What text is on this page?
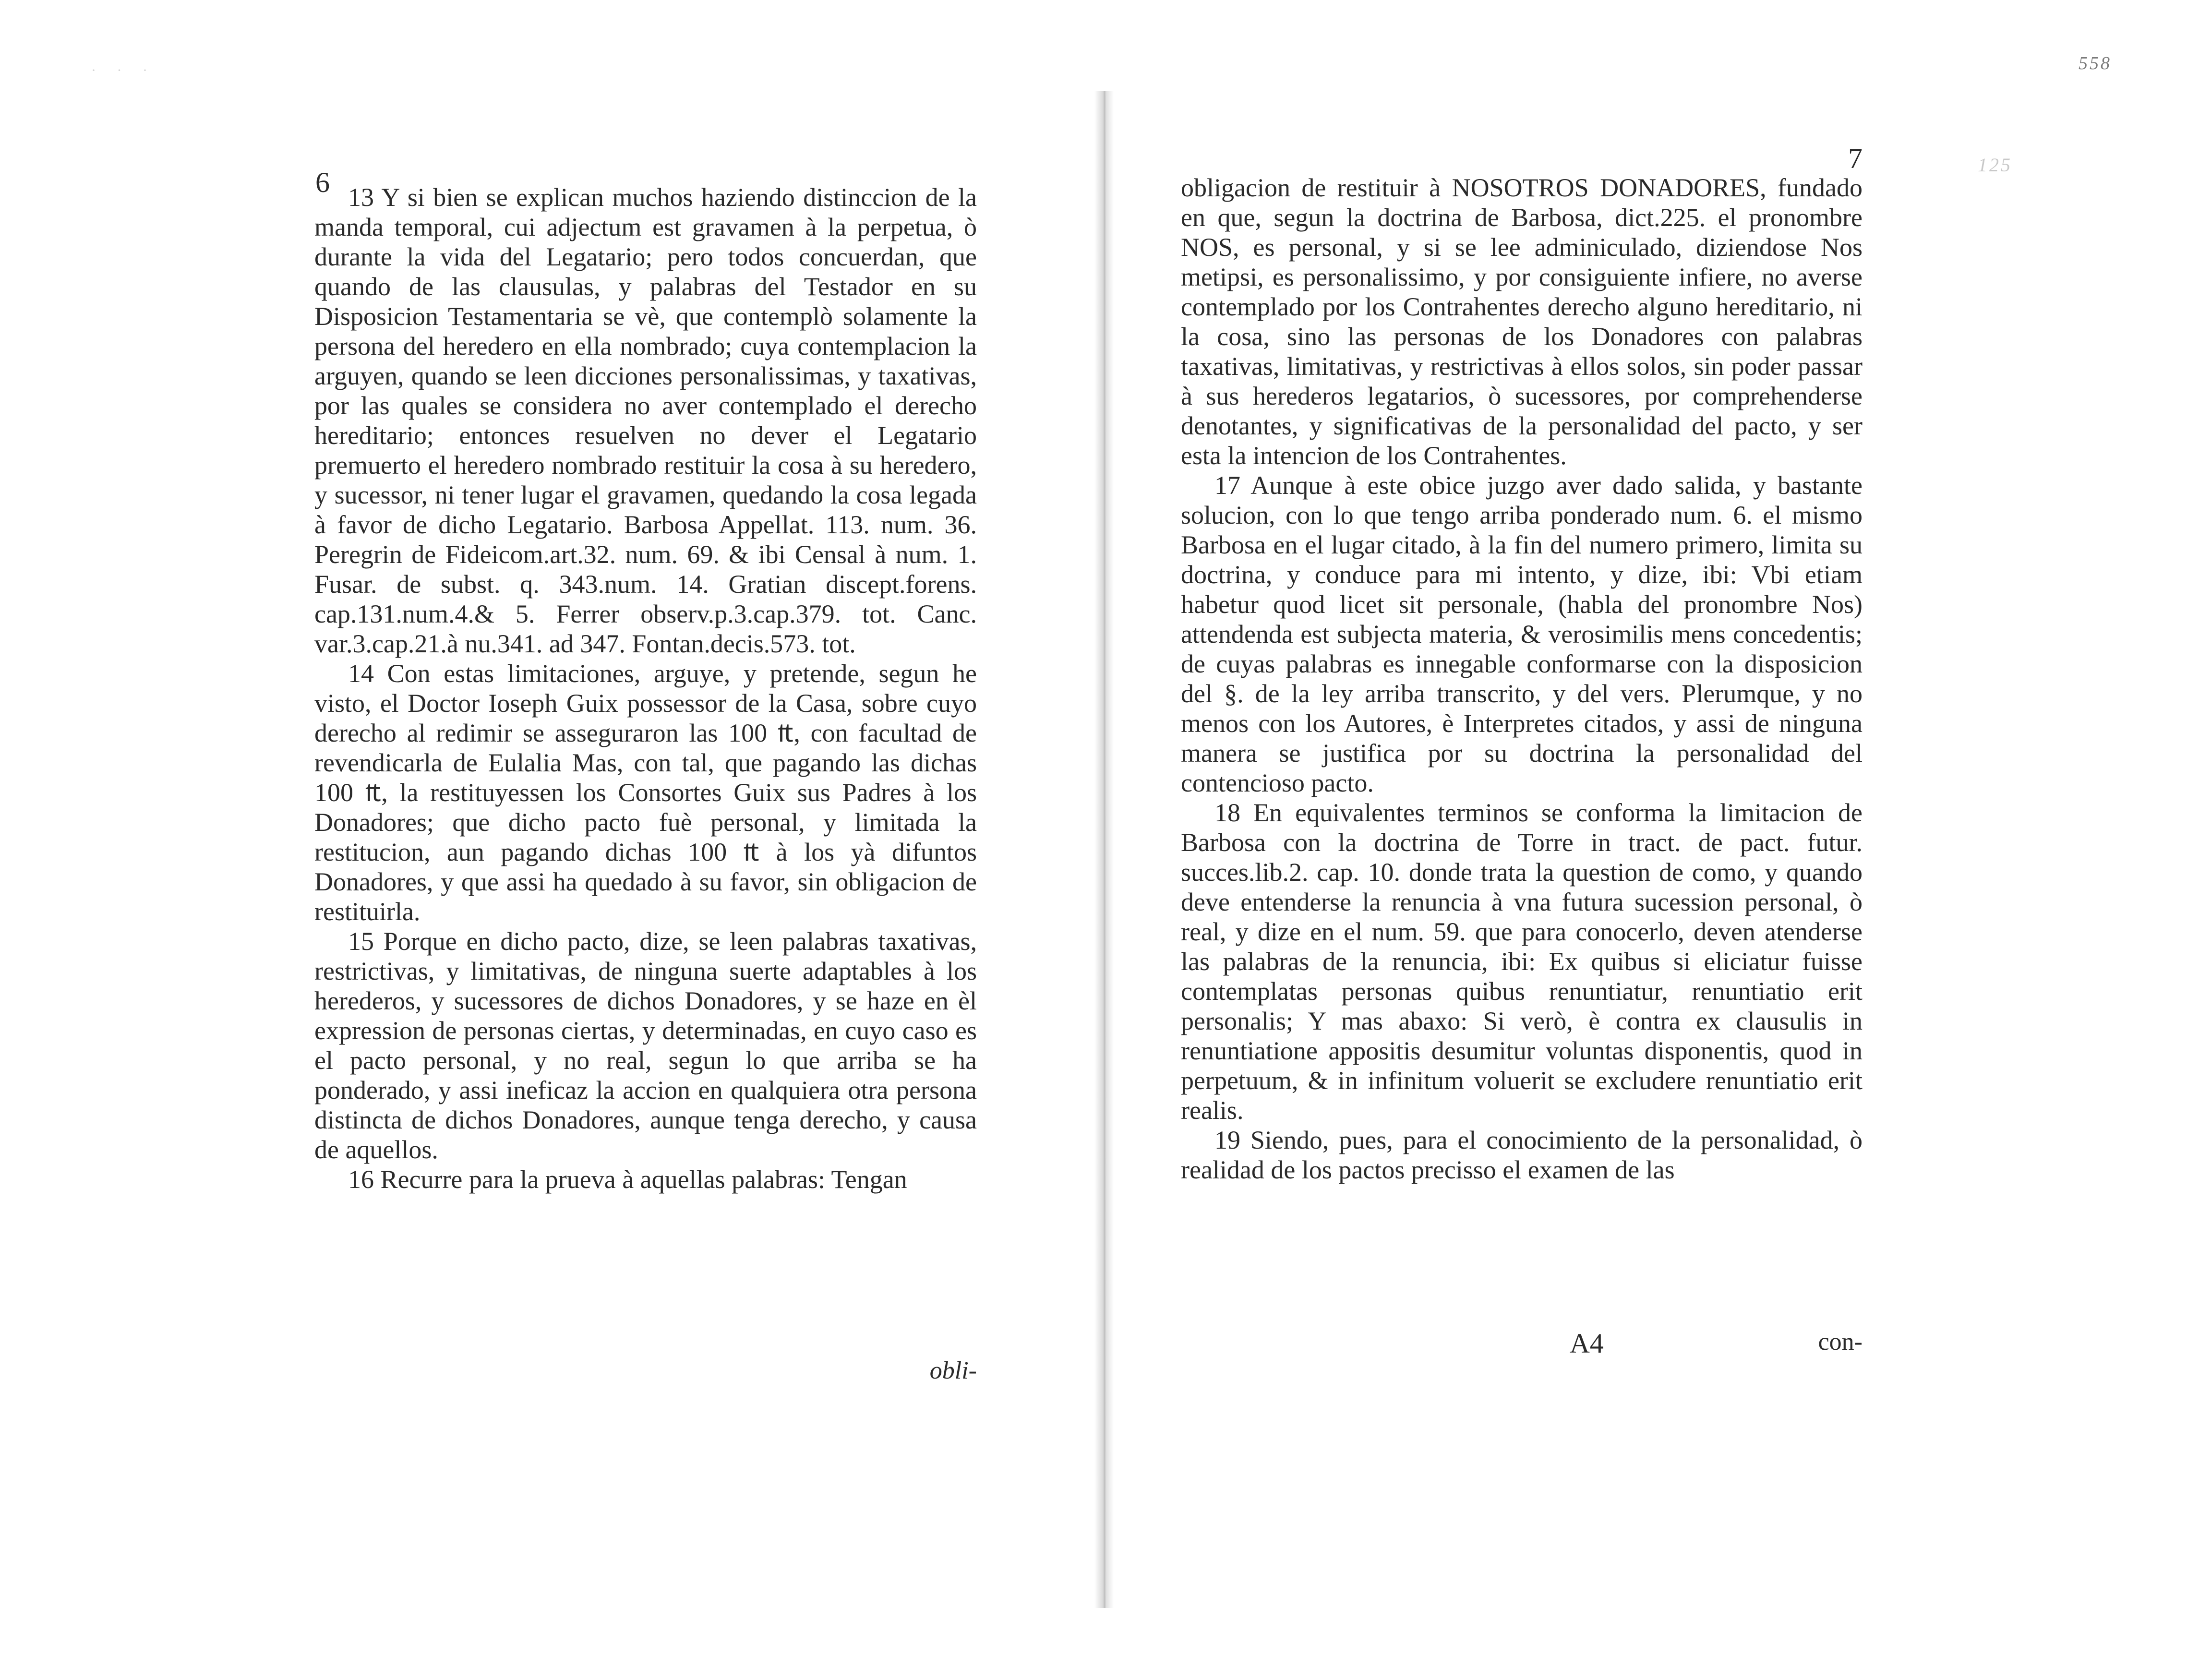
· · ·	558
125
6 13 Y si bien se explican muchos haziendo distinccion de la manda temporal, cui adjectum est gravamen à la perpetua, ò durante la vida del Legatario; pero todos concuerdan, que quando de las clausulas, y palabras del Testador en su Disposicion Testamentaria se vè, que contemplò solamente la persona del heredero en ella nombrado; cuya contemplacion la arguyen, quando se leen dicciones personalissimas, y taxativas, por las quales se considera no aver contemplado el derecho hereditario; entonces resuelven no dever el Legatario premuerto el heredero nombrado restituir la cosa à su heredero, y sucessor, ni tener lugar el gravamen, quedando la cosa legada à favor de dicho Legatario. Barbosa Appellat. 113. num. 36. Peregrin de Fideicom.art.32. num. 69. & ibi Censal à num. 1. Fusar. de subst. q. 343.num. 14. Gratian discept.forens. cap.131.num.4.& 5. Ferrer observ.p.3.cap.379. tot. Canc. var.3.cap.21.à nu.341. ad 347. Fontan.decis.573. tot.

14 Con estas limitaciones, arguye, y pretende, segun he visto, el Doctor Ioseph Guix possessor de la Casa, sobre cuyo derecho al redimir se asseguraron las 100 ₶, con facultad de revendicarla de Eulalia Mas, con tal, que pagando las dichas 100 ₶, la restituyessen los Consortes Guix sus Padres à los Donadores; que dicho pacto fuè personal, y limitada la restitucion, aun pagando dichas 100 ₶ à los yà difuntos Donadores, y que assi ha quedado à su favor, sin obligacion de restituirla.

15 Porque en dicho pacto, dize, se leen palabras taxativas, restrictivas, y limitativas, de ninguna suerte adaptables à los herederos, y sucessores de dichos Donadores, y se haze en èl expression de personas ciertas, y determinadas, en cuyo caso es el pacto personal, y no real, segun lo que arriba se ha ponderado, y assi ineficaz la accion en qualquiera otra persona distincta de dichos Donadores, aunque tenga derecho, y causa de aquellos.

16 Recurre para la prueva à aquellas palabras: Tengan

obli-
7

obligacion de restituir à NOSOTROS DONADORES, fundado en que, segun la doctrina de Barbosa, dict.225. el pronombre NOS, es personal, y si se lee adminiculado, diziendose Nos metipsi, es personalissimo, y por consiguiente infiere, no averse contemplado por los Contrahentes derecho alguno hereditario, ni la cosa, sino las personas de los Donadores con palabras taxativas, limitativas, y restrictivas à ellos solos, sin poder passar à sus herederos legatarios, ò sucessores, por comprehenderse denotantes, y significativas de la personalidad del pacto, y ser esta la intencion de los Contrahentes.

17 Aunque à este obice juzgo aver dado salida, y bastante solucion, con lo que tengo arriba ponderado num. 6. el mismo Barbosa en el lugar citado, à la fin del numero primero, limita su doctrina, y conduce para mi intento, y dize, ibi: Vbi etiam habetur quod licet sit personale, (habla del pronombre Nos) attendenda est subjecta materia, & verosimilis mens concedentis; de cuyas palabras es innegable conformarse con la disposicion del §. de la ley arriba transcrito, y del vers. Plerumque, y no menos con los Autores, è Interpretes citados, y assi de ninguna manera se justifica por su doctrina la personalidad del contencioso pacto.

18 En equivalentes terminos se conforma la limitacion de Barbosa con la doctrina de Torre in tract. de pact. futur. succes.lib.2. cap. 10. donde trata la question de como, y quando deve entenderse la renuncia à vna futura sucession personal, ò real, y dize en el num. 59. que para conocerlo, deven atenderse las palabras de la renuncia, ibi: Ex quibus si eliciatur fuisse contemplatas personas quibus renuntiatur, renuntiatio erit personalis; Y mas abaxo: Si verò, è contra ex clausulis in renuntiatione appositis desumitur voluntas disponentis, quod in perpetuum, & in infinitum voluerit se excludere renuntiatio erit realis.

19 Siendo, pues, para el conocimiento de la personalidad, ò realidad de los pactos precisso el examen de las

A4	con-
